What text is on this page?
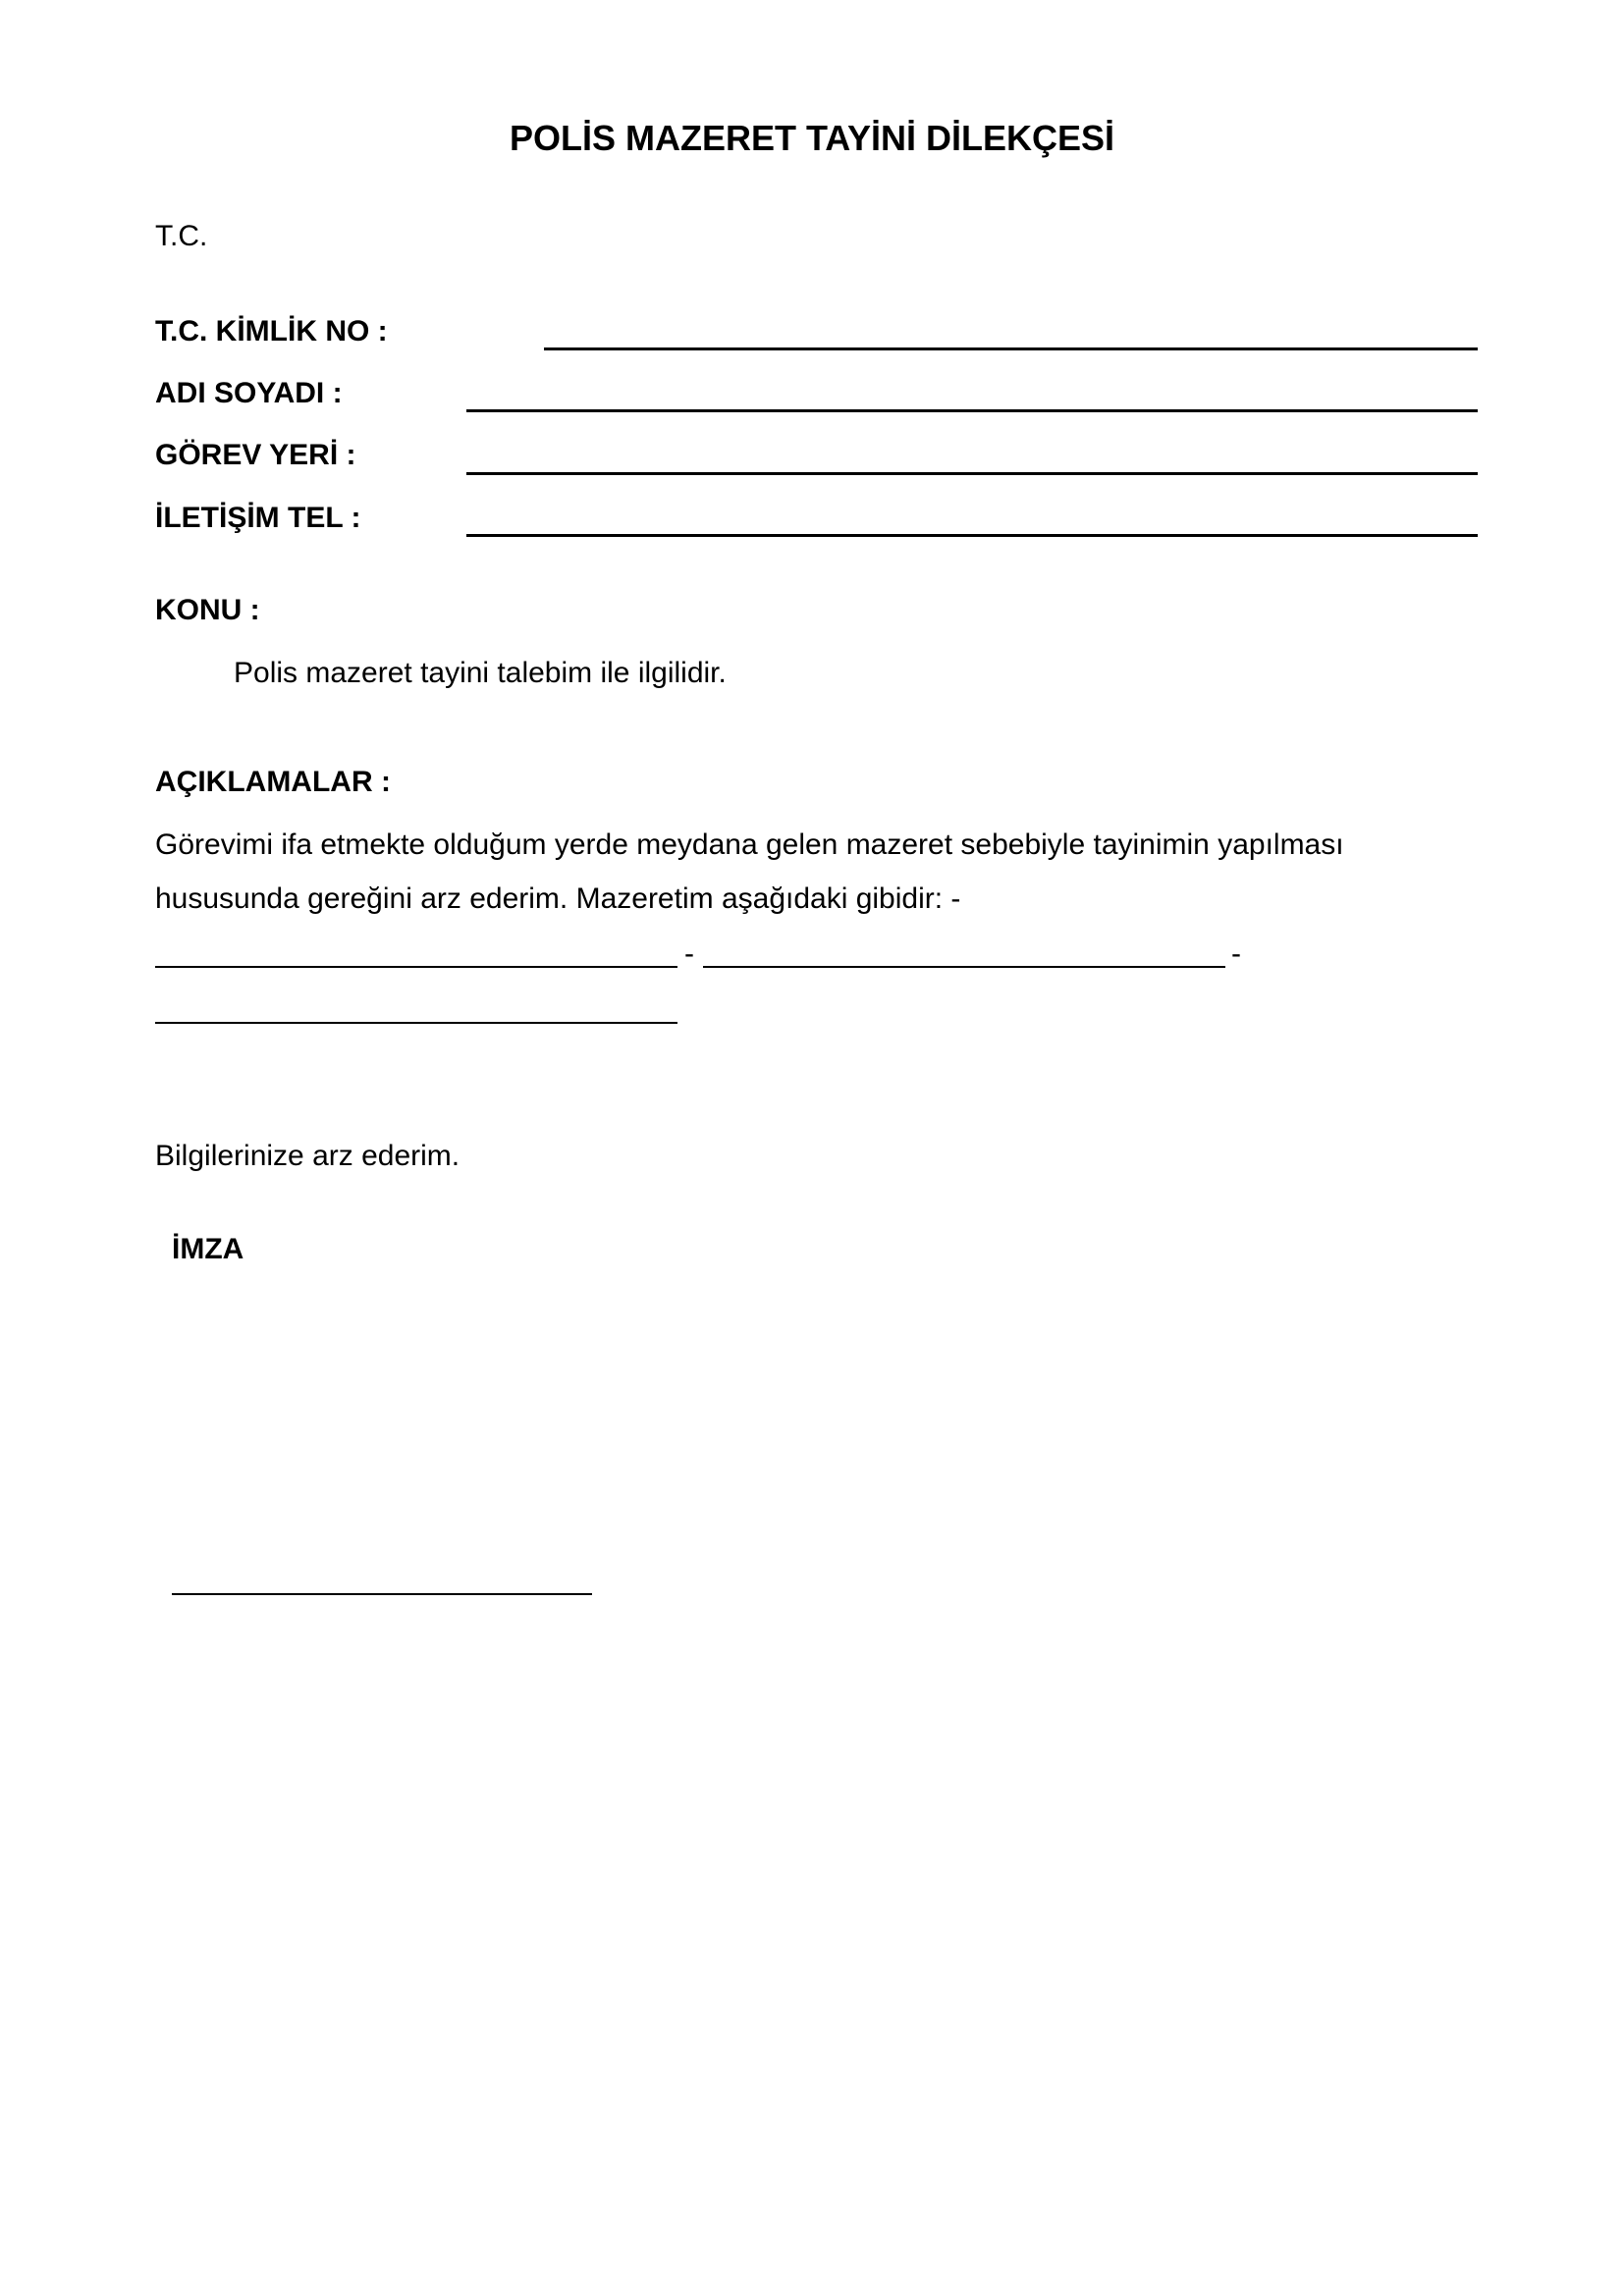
POLİS MAZERET TAYİNİ DİLEKÇESİ
T.C.
T.C. KİMLİK NO :
ADI SOYADI :
GÖREV YERİ :
İLETİŞİM TEL :
KONU :
Polis mazeret tayini talebim ile ilgilidir.
AÇIKLAMALAR :
Görevimi ifa etmekte olduğum yerde meydana gelen mazeret sebebiyle tayinimin yapılması
hususunda gereğini arz ederim. Mazeretim aşağıdaki gibidir: -
-	-
Bilgilerinize arz ederim.
İMZA
